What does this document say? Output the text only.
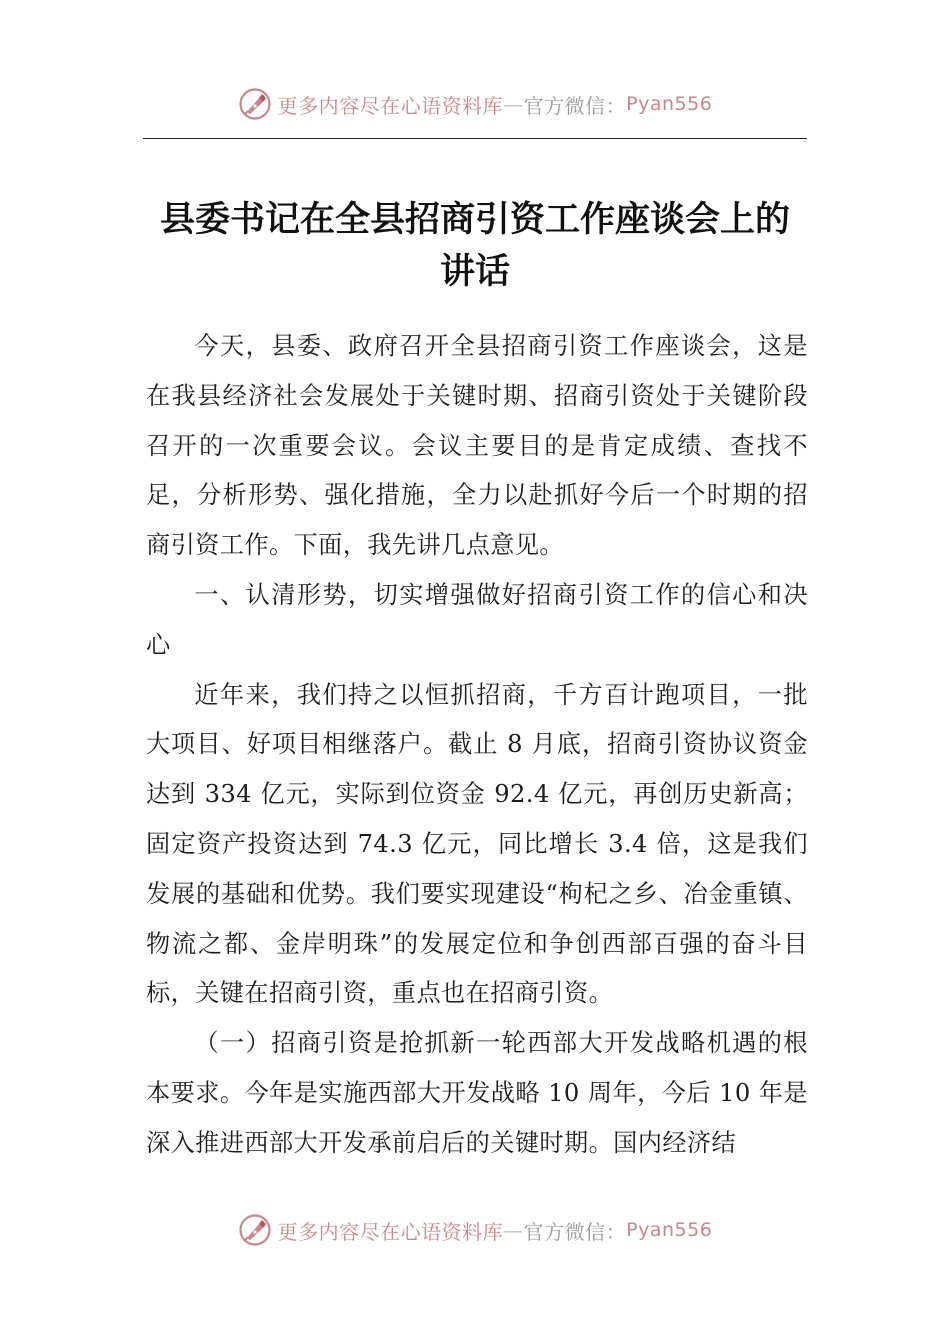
更多内容尽在心语资料库 — 官方微信： Pyan556
县委书记在全县招商引资工作座谈会上的讲话

今天，县委、政府召开全县招商引资工作座谈会，这是在我县经济社会发展处于关键时期、招商引资处于关键阶段召开的一次重要会议。会议主要目的是肯定成绩、查找不足，分析形势、强化措施，全力以赴抓好今后一个时期的招商引资工作。下面，我先讲几点意见。

一、认清形势，切实增强做好招商引资工作的信心和决心

近年来，我们持之以恒抓招商，千方百计跑项目，一批大项目、好项目相继落户。截止 8 月底，招商引资协议资金达到 334 亿元，实际到位资金 92.4 亿元，再创历史新高；固定资产投资达到 74.3 亿元，同比增长 3.4 倍，这是我们发展的基础和优势。我们要实现建设“枸杞之乡、冶金重镇、物流之都、金岸明珠”的发展定位和争创西部百强的奋斗目标，关键在招商引资，重点也在招商引资。

（一）招商引资是抢抓新一轮西部大开发战略机遇的根本要求。今年是实施西部大开发战略 10 周年，今后 10 年是深入推进西部大开发承前启后的关键时期。国内经济结

更多内容尽在心语资料库 — 官方微信： Pyan556
